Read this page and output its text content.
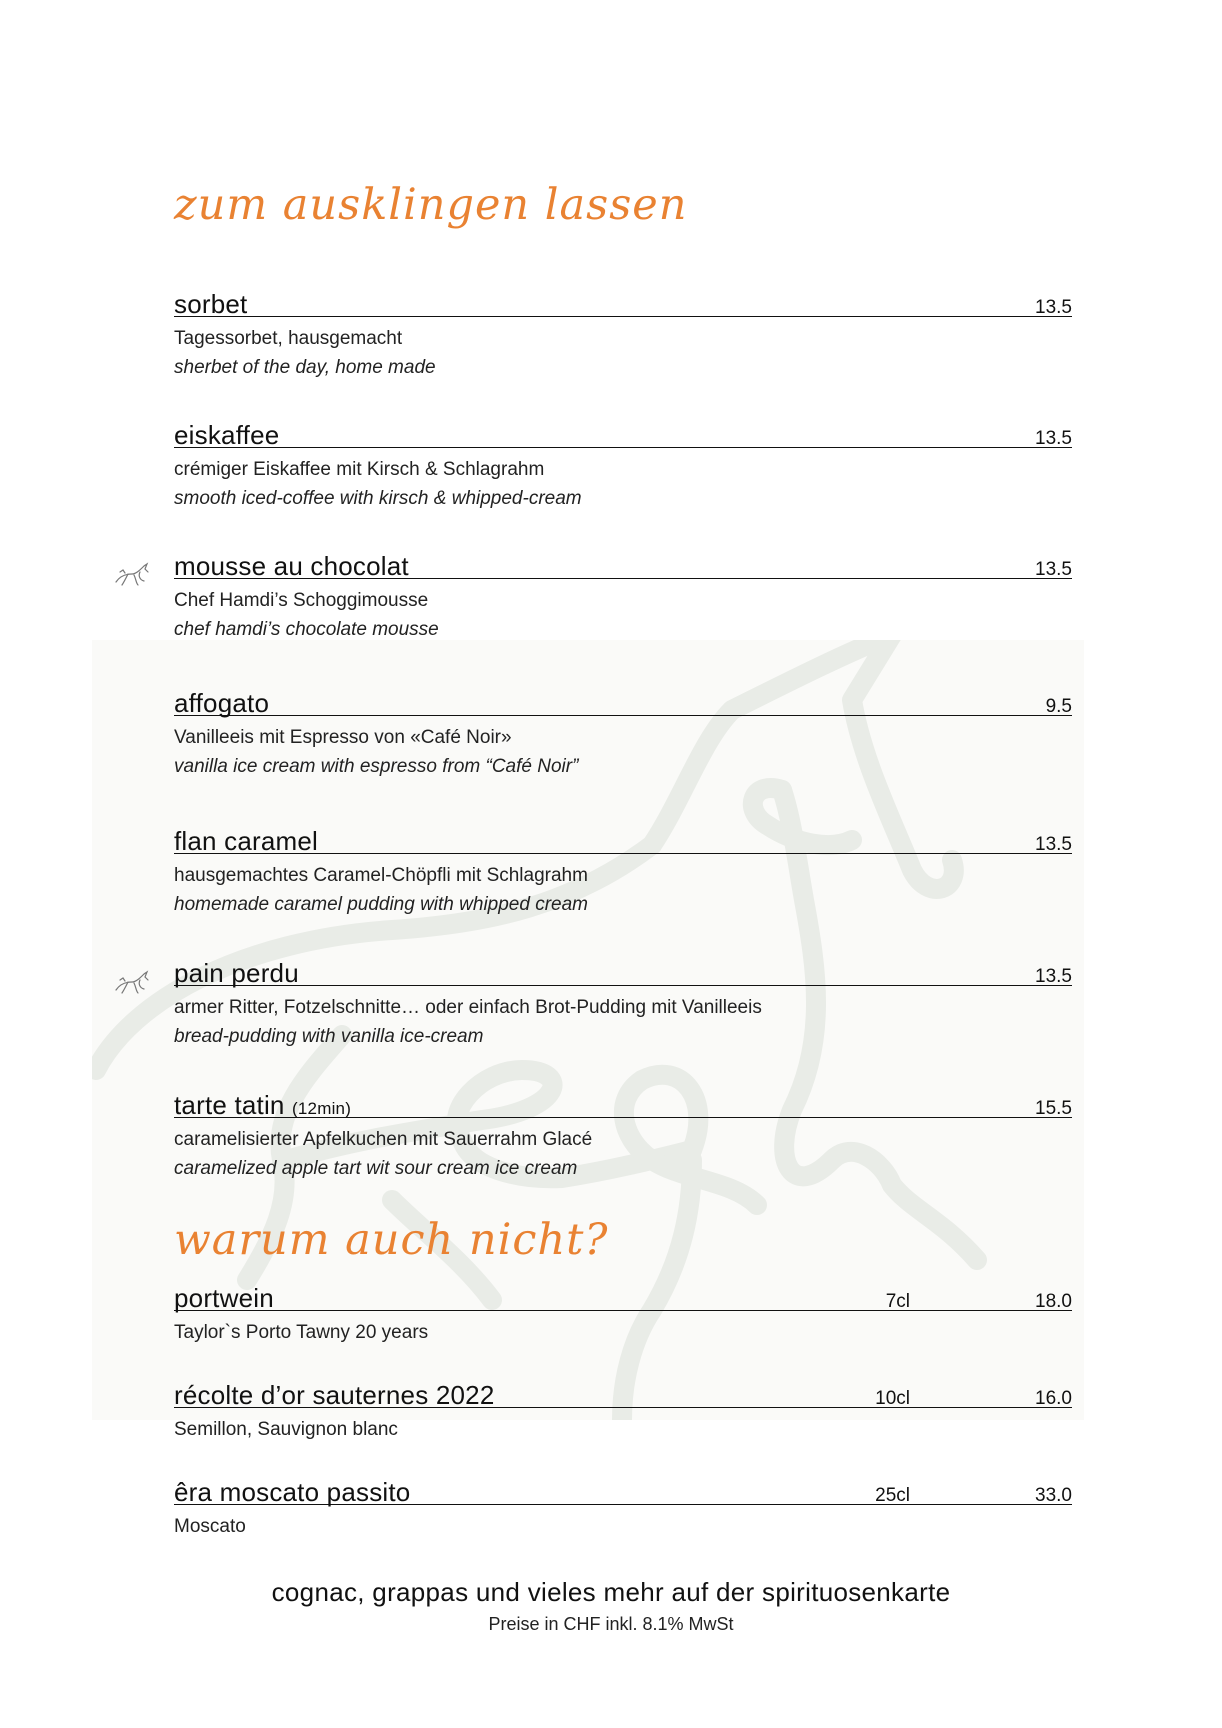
zum ausklingen lassen
sorbet	13.5
Tagessorbet, hausgemacht
sherbet of the day, home made
eiskaffee	13.5
crémiger Eiskaffee mit Kirsch & Schlagrahm
smooth iced-coffee with kirsch & whipped-cream
mousse au chocolat	13.5
Chef Hamdi’s Schoggimousse
chef hamdi’s chocolate mousse
affogato	9.5
Vanilleeis mit Espresso von «Café Noir»
vanilla ice cream with espresso from “Café Noir”
flan caramel	13.5
hausgemachtes Caramel-Chöpfli mit Schlagrahm
homemade caramel pudding with whipped cream
pain perdu	13.5
armer Ritter, Fotzelschnitte… oder einfach Brot-Pudding mit Vanilleeis
bread-pudding with vanilla ice-cream
tarte tatin (12min)	15.5
caramelisierter Apfelkuchen mit Sauerrahm Glacé
caramelized apple tart wit sour cream ice cream
warum auch nicht?
portwein	7cl	18.0
Taylor`s Porto Tawny 20 years
récolte d’or sauternes 2022	10cl	16.0
Semillon, Sauvignon blanc
êra moscato passito	25cl	33.0
Moscato
cognac, grappas und vieles mehr auf der spirituosenkarte
Preise in CHF inkl. 8.1% MwSt
